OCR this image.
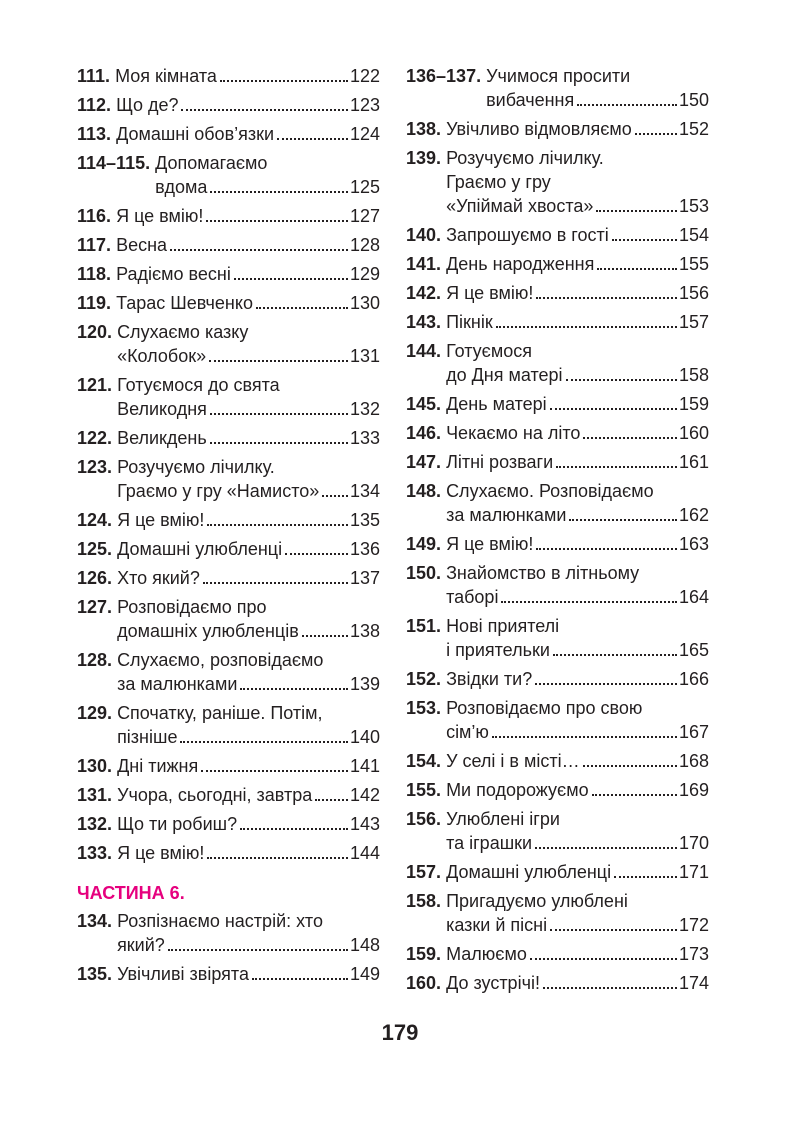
111. Моя кімната	122
112. Що де?	123
113. Домашні обов’язки	124
114–115. Допомагаємо
вдома	125
116. Я це вмію!	127
117. Весна	128
118. Радіємо весні	129
119. Тарас Шевченко	130
120. Слухаємо казку
«Колобок»	131
121. Готуємося до свята
Великодня	132
122. Великдень	133
123. Розучуємо лічилку.
Граємо у гру «Намисто» 134
124. Я це вмію!	135
125. Домашні улюбленці	136
126. Хто який?	137
127. Розповідаємо про
домашніх улюбленців	138
128. Слухаємо, розповідаємо
за малюнками	139
129. Спочатку, раніше. Потім,
пізніше	140
130. Дні тижня	141
131. Учора, сьогодні, завтра 142
132. Що ти робиш?	143
133. Я це вмію!	144
ЧАСТИНА 6.
134. Розпізнаємо настрій: хто
який?	148
135. Увічливі звірята	149
136–137. Учимося просити
вибачення	150
138. Увічливо відмовляємо	152
139. Розучуємо лічилку.
Граємо у гру
«Упіймай хвоста»	153
140. Запрошуємо в гості	154
141. День народження	155
142. Я це вмію!	156
143. Пікнік	157
144. Готуємося
до Дня матері	158
145. День матері	159
146. Чекаємо на літо	160
147. Літні розваги	161
148. Слухаємо. Розповідаємо
за малюнками	162
149. Я це вмію!	163
150. Знайомство в літньому
таборі	164
151. Нові приятелі
і приятельки	165
152. Звідки ти?	166
153. Розповідаємо про свою
сім’ю	167
154. У селі і в місті…	168
155. Ми подорожуємо	169
156. Улюблені ігри
та іграшки	170
157. Домашні улюбленці	171
158. Пригадуємо улюблені
казки й пісні	172
159. Малюємо	173
160. До зустрічі!	174
179
